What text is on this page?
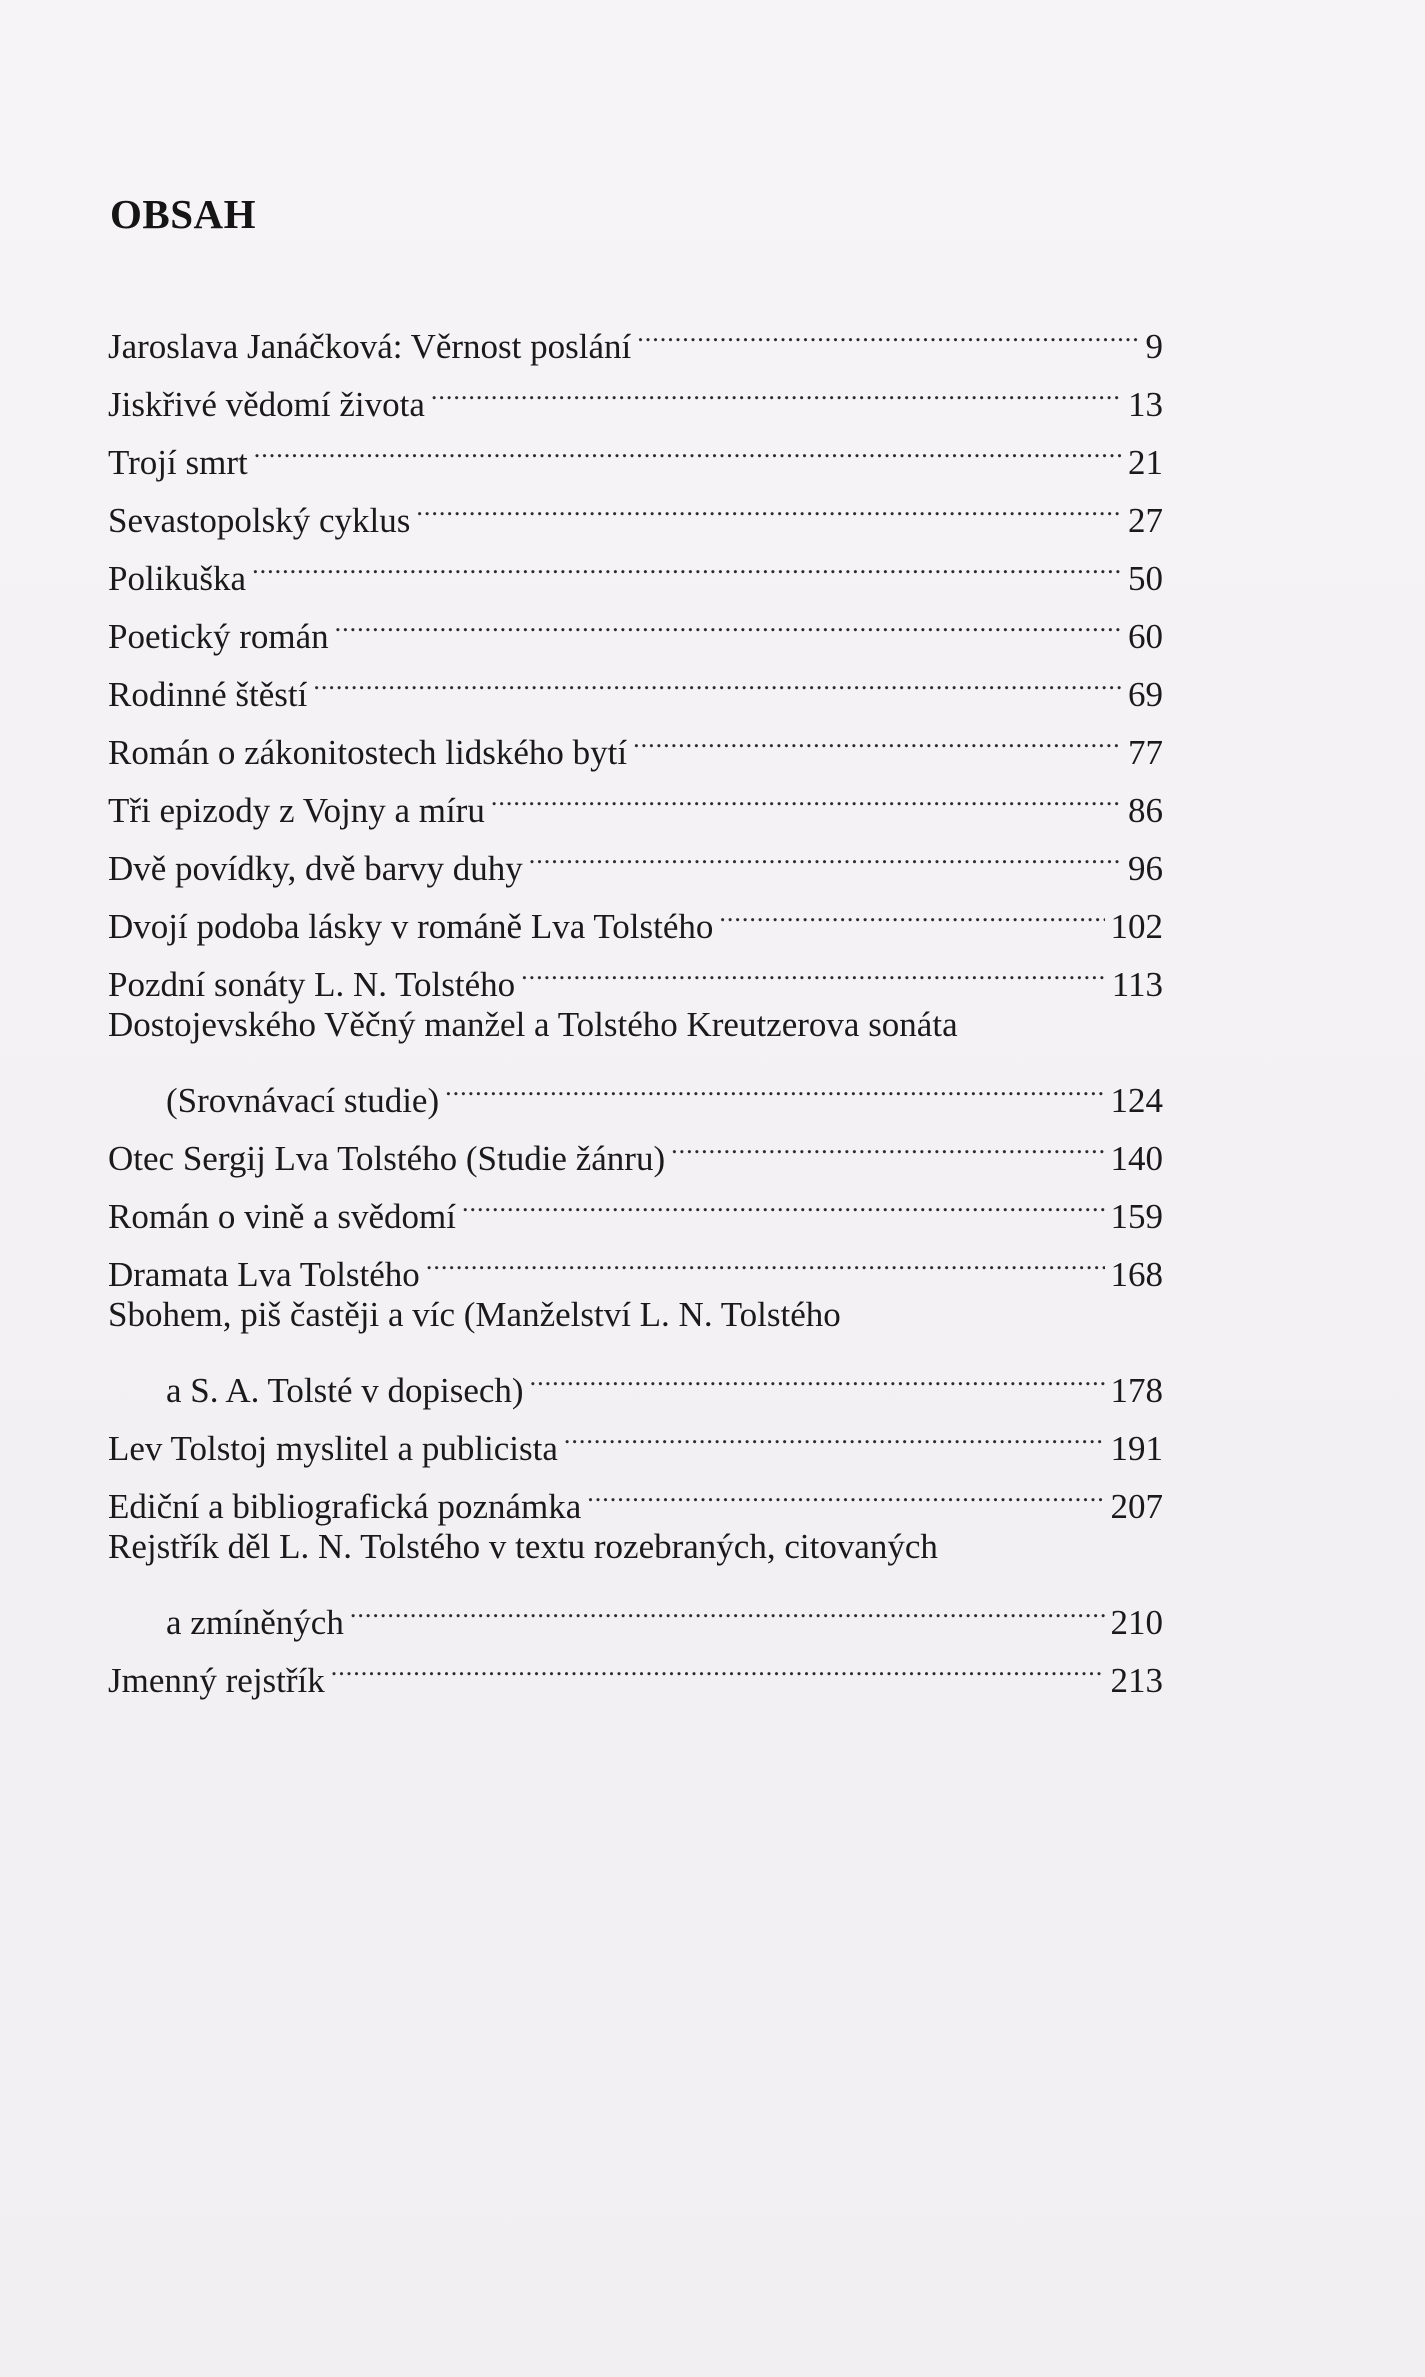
OBSAH
Jaroslava Janáčková: Věrnost poslání .....	9
Jiskřivé vědomí života .....	13
Trojí smrt .....	21
Sevastopolský cyklus .....	27
Polikuška .....	50
Poetický román .....	60
Rodinné štěstí .....	69
Román o zákonitostech lidského bytí .....	77
Tři epizody z Vojny a míru .....	86
Dvě povídky, dvě barvy duhy .....	96
Dvojí podoba lásky v románě Lva Tolstého .....	102
Pozdní sonáty L. N. Tolstého .....	113
Dostojevského Věčný manžel a Tolstého Kreutzerova sonáta
(Srovnávací studie) .....	124
Otec Sergij Lva Tolstého (Studie žánru) .....	140
Román o vině a svědomí .....	159
Dramata Lva Tolstého .....	168
Sbohem, piš častěji a víc (Manželství L. N. Tolstého
a S. A. Tolsté v dopisech) .....	178
Lev Tolstoj myslitel a publicista .....	191
Ediční a bibliografická poznámka .....	207
Rejstřík děl L. N. Tolstého v textu rozebraných, citovaných
a zmíněných .....	210
Jmenný rejstřík .....	213
